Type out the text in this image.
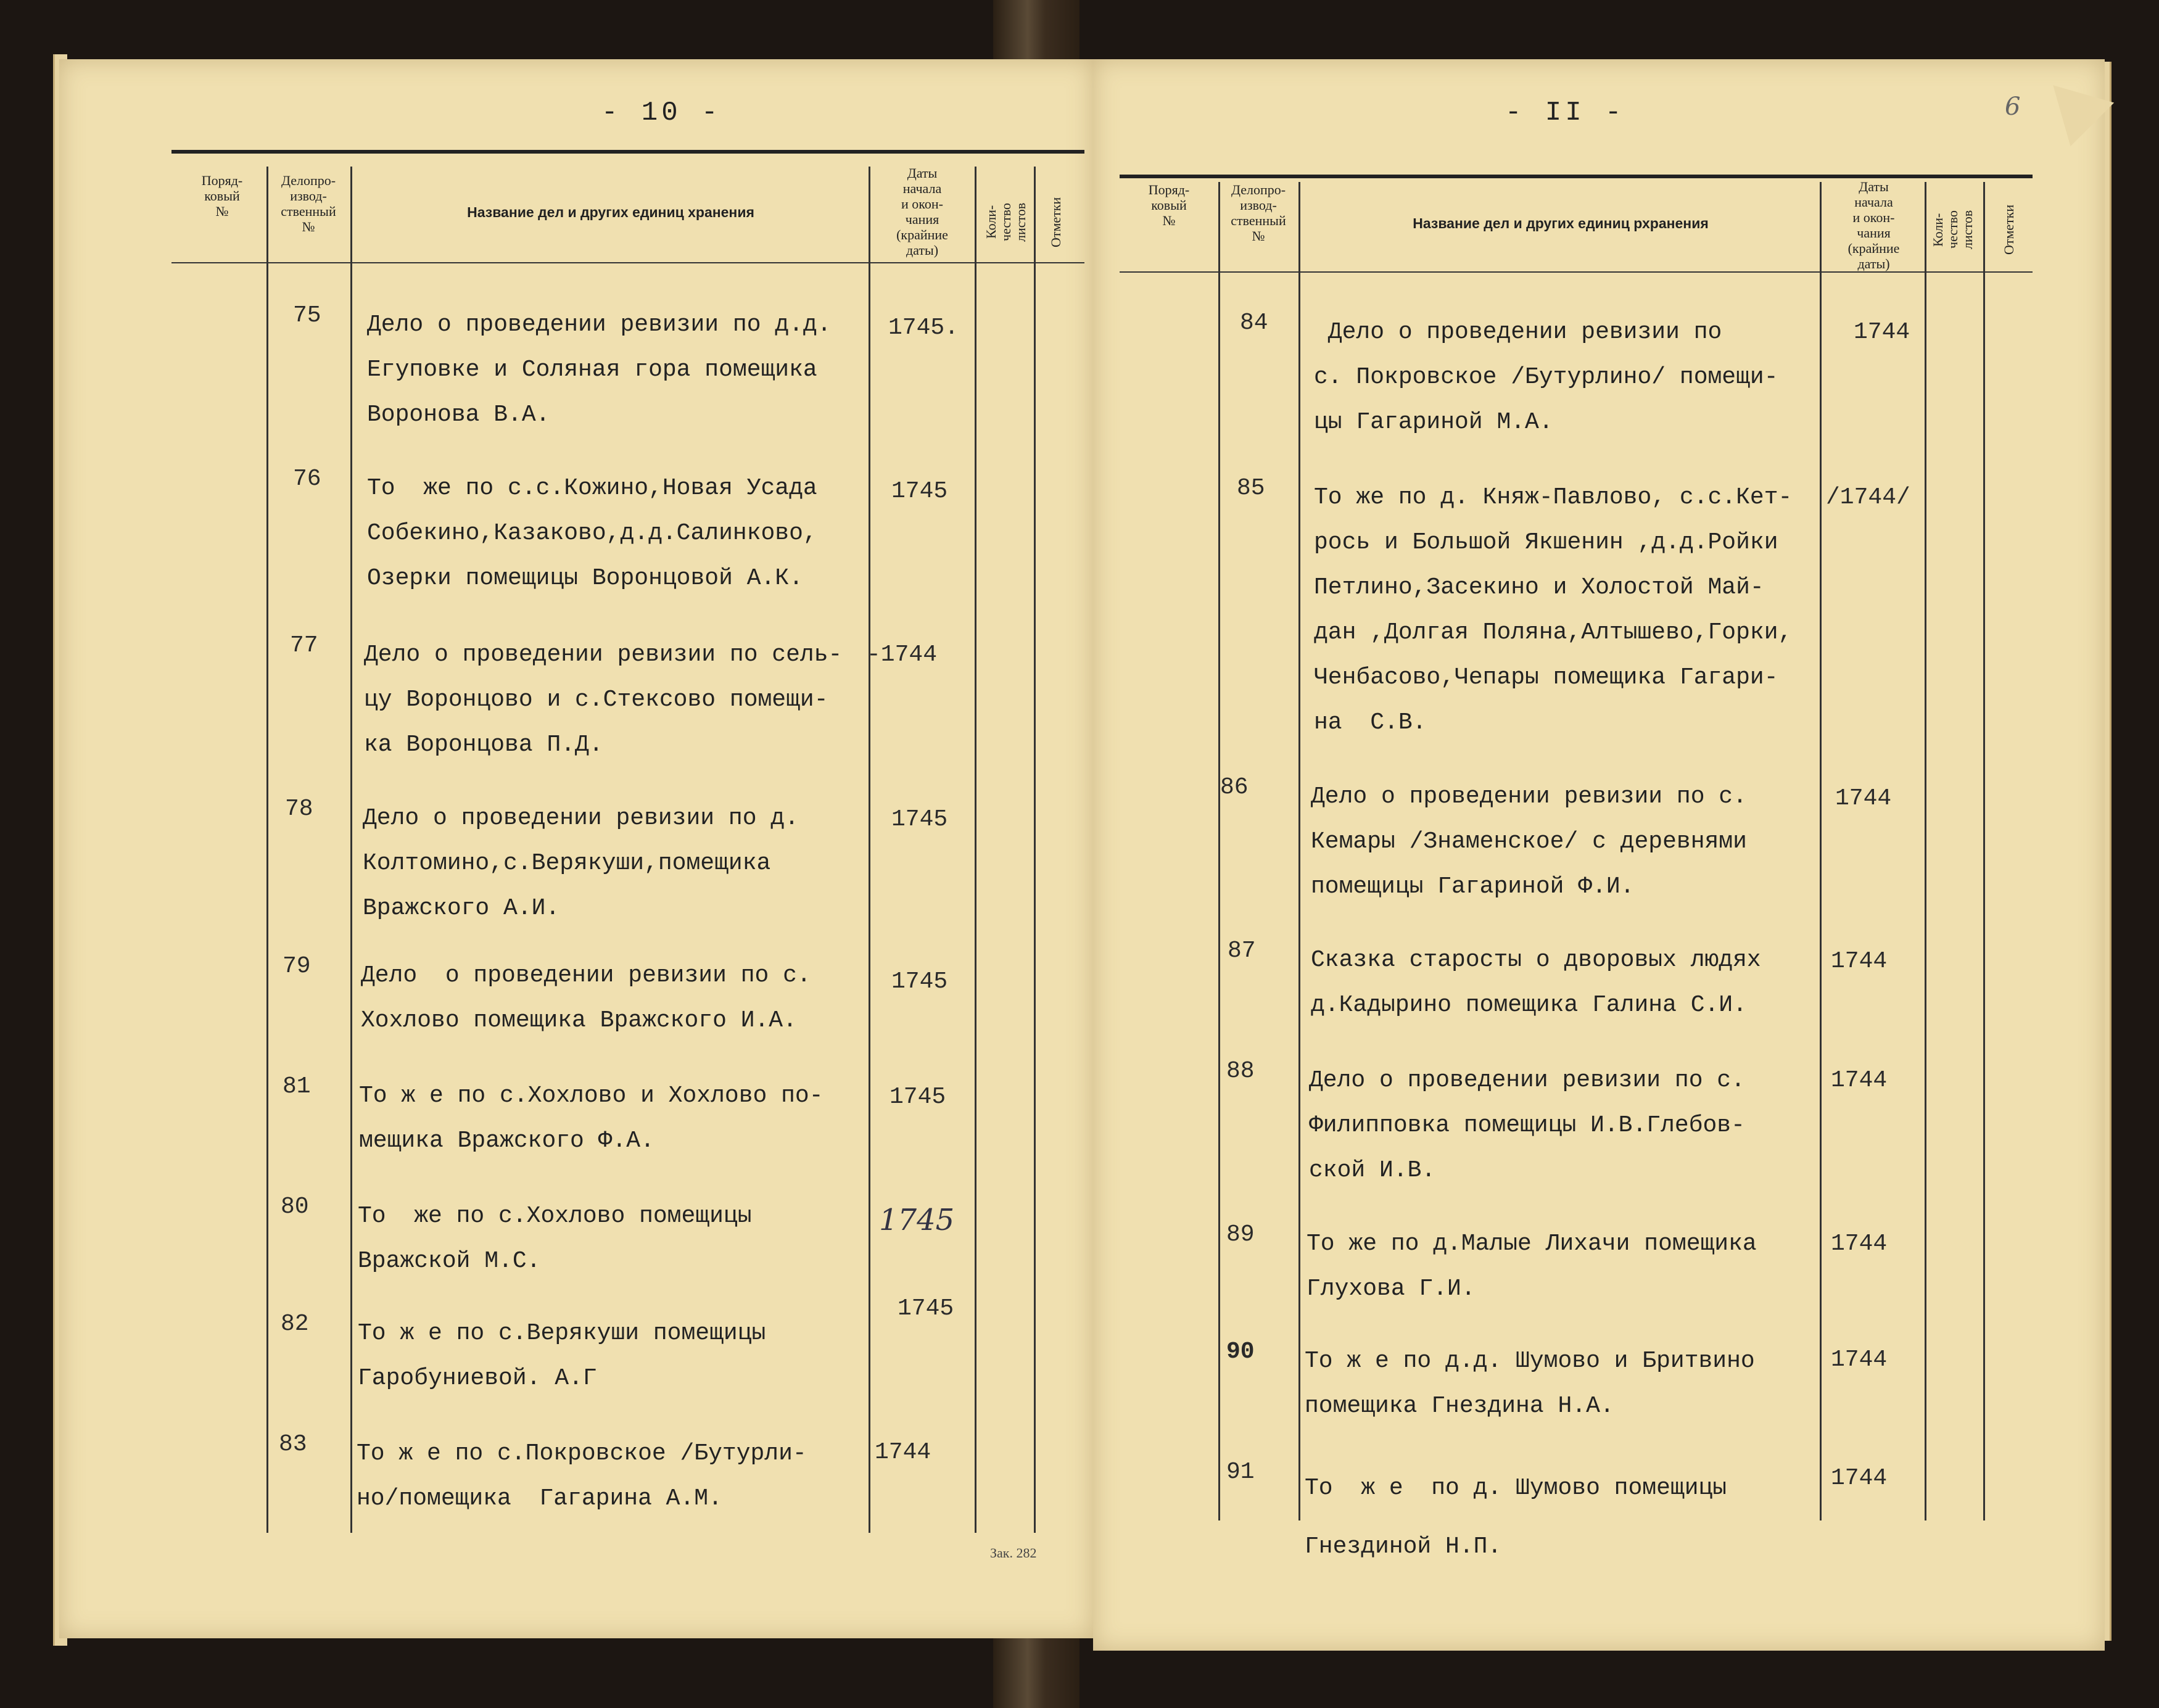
6
- 10 -
Поряд-
ковый
№
Делопро-
извод-
ственный
№
Название дел и других единиц хранения
Даты
начала
и окон-
чания
(крайние
даты)
Коли-
чество
листов Отметки
75 Дело о проведении ревизии по д.д.
Егуповке и Соляная гора помещика
Воронова В.А.
1745.
76 То  же по с.с.Кожино,Новая Усада
Собекино,Казаково,д.д.Салинково,
Озерки помещицы Воронцовой А.К.
1745
77 Дело о проведении ревизии по сель-
цу Воронцово и с.Стексово помещи-
ка Воронцова П.Д.
-1744
78 Дело о проведении ревизии по д.
Колтомино,с.Верякуши,помещика
Вражского А.И.
1745
79 Дело  о проведении ревизии по с.
Хохлово помещика Вражского И.А.
1745
81 То ж е по с.Хохлово и Хохлово по-
мещика Вражского Ф.А.
1745
80 То  же по с.Хохлово помещицы
Вражской М.С.
1745
82 То ж е по с.Верякуши помещицы
Гаробуниевой. А.Г
1745
83 То ж е по с.Покровское /Бутурли-
но/помещика  Гагарина А.М.
1744
Зак. 282
- II -
Поряд-
ковый
№
Делопро-
извод-
ственный
№
Название дел и других единиц рхранения
Даты
начала
и окон-
чания
(крайние
даты)
Коли-
чество
листов Отметки
84	Дело о проведении ревизии по
с. Покровское /Бутурлино/ помещи-
цы Гагариной М.А.
1744
85 То же по д. Княж-Павлово, с.с.Кет-
рось и Большой Якшенин ,д.д.Ройки
Петлино,Засекино и Холостой Май-
дан ,Долгая Поляна,Алтышево,Горки,
Ченбасово,Чепары помещика Гагари-
на  С.В.
/1744/
86	Дело о проведении ревизии по с.
Кемары /Знаменское/ с деревнями
помещицы Гагариной Ф.И.
1744
87 Сказка старосты о дворовых людях
д.Кадырино помещика Галина С.И.
1744
88 Дело о проведении ревизии по с.
Филипповка помещицы И.В.Глебов-
ской И.В.
1744
89 То же по д.Малые Лихачи помещика
Глухова Г.И.
1744
90 То ж е по д.д. Шумово и Бритвино
помещика Гнездина Н.А.
1744
91
То  ж е  по д. Шумово помещицы
Гнездиной Н.П.
1744
